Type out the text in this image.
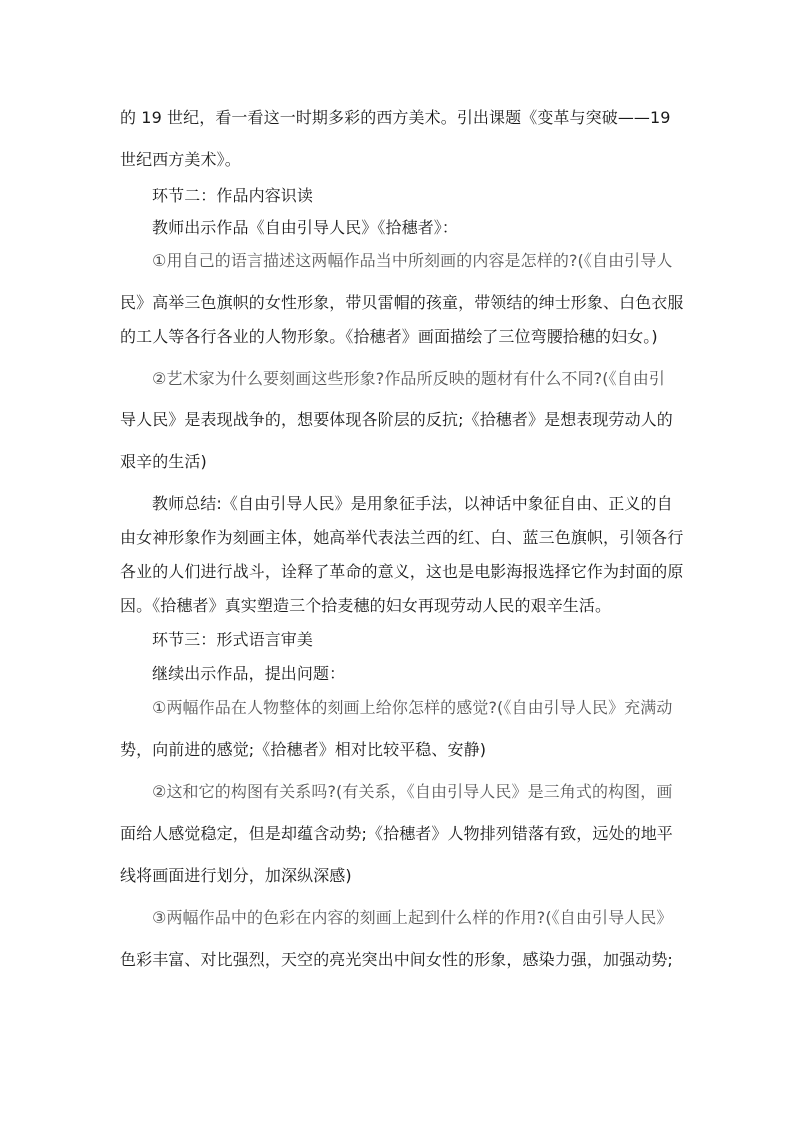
的 19 世纪，看一看这一时期多彩的西方美术。引出课题《变革与突破——19
世纪西方美术》。
环节二：作品内容识读
教师出示作品《自由引导人民》《拾穗者》：
①用自己的语言描述这两幅作品当中所刻画的内容是怎样的?(《自由引导人
民》高举三色旗帜的女性形象，带贝雷帽的孩童，带领结的绅士形象、白色衣服
的工人等各行各业的人物形象。《拾穗者》画面描绘了三位弯腰拾穗的妇女。)
②艺术家为什么要刻画这些形象?作品所反映的题材有什么不同?(《自由引
导人民》是表现战争的，想要体现各阶层的反抗;《拾穗者》是想表现劳动人的
艰辛的生活)
教师总结:《自由引导人民》是用象征手法，以神话中象征自由、正义的自
由女神形象作为刻画主体，她高举代表法兰西的红、白、蓝三色旗帜，引领各行
各业的人们进行战斗，诠释了革命的意义，这也是电影海报选择它作为封面的原
因。《拾穗者》真实塑造三个拾麦穗的妇女再现劳动人民的艰辛生活。
环节三：形式语言审美
继续出示作品，提出问题：
①两幅作品在人物整体的刻画上给你怎样的感觉?(《自由引导人民》充满动
势，向前进的感觉;《拾穗者》相对比较平稳、安静)
②这和它的构图有关系吗?(有关系，《自由引导人民》是三角式的构图，画
面给人感觉稳定，但是却蕴含动势;《拾穗者》人物排列错落有致，远处的地平
线将画面进行划分，加深纵深感)
③两幅作品中的色彩在内容的刻画上起到什么样的作用?(《自由引导人民》
色彩丰富、对比强烈，天空的亮光突出中间女性的形象，感染力强，加强动势;
